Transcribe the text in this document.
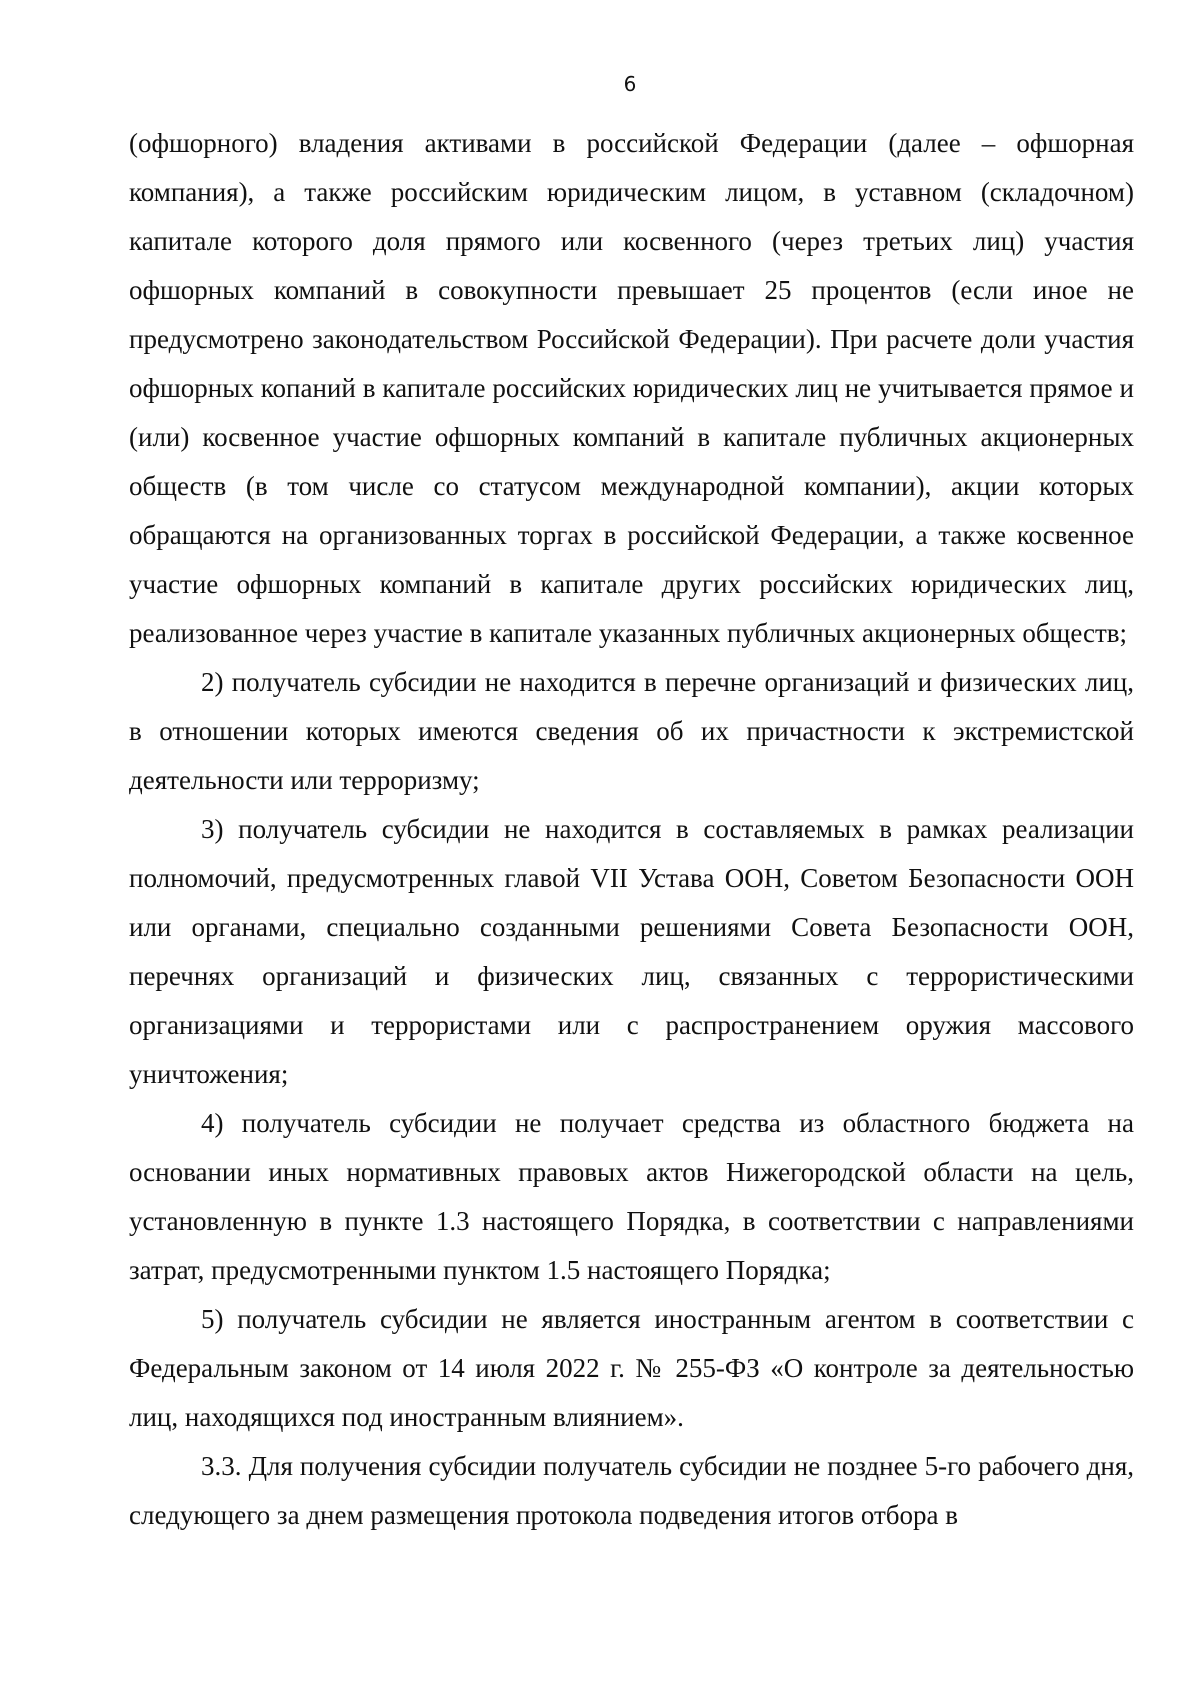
6

(офшорного) владения активами в российской Федерации (далее – офшорная компания), а также российским юридическим лицом, в уставном (складочном) капитале которого доля прямого или косвенного (через третьих лиц) участия офшорных компаний в совокупности превышает 25 процентов (если иное не предусмотрено законодательством Российской Федерации). При расчете доли участия офшорных копаний в капитале российских юридических лиц не учитывается прямое и (или) косвенное участие офшорных компаний в капитале публичных акционерных обществ (в том числе со статусом международной компании), акции которых обращаются на организованных торгах в российской Федерации, а также косвенное участие офшорных компаний в капитале других российских юридических лиц, реализованное через участие в капитале указанных публичных акционерных обществ;

2) получатель субсидии не находится в перечне организаций и физических лиц, в отношении которых имеются сведения об их причастности к экстремистской деятельности или терроризму;

3) получатель субсидии не находится в составляемых в рамках реализации полномочий, предусмотренных главой VII Устава ООН, Советом Безопасности ООН или органами, специально созданными решениями Совета Безопасности ООН, перечнях организаций и физических лиц, связанных с террористическими организациями и террористами или с распространением оружия массового уничтожения;

4) получатель субсидии не получает средства из областного бюджета на основании иных нормативных правовых актов Нижегородской области на цель, установленную в пункте 1.3 настоящего Порядка, в соответствии с направлениями затрат, предусмотренными пунктом 1.5 настоящего Порядка;

5) получатель субсидии не является иностранным агентом в соответствии с Федеральным законом от 14 июля 2022 г. № 255-ФЗ «О контроле за деятельностью лиц, находящихся под иностранным влиянием».

3.3. Для получения субсидии получатель субсидии не позднее 5-го рабочего дня, следующего за днем размещения протокола подведения итогов отбора в
